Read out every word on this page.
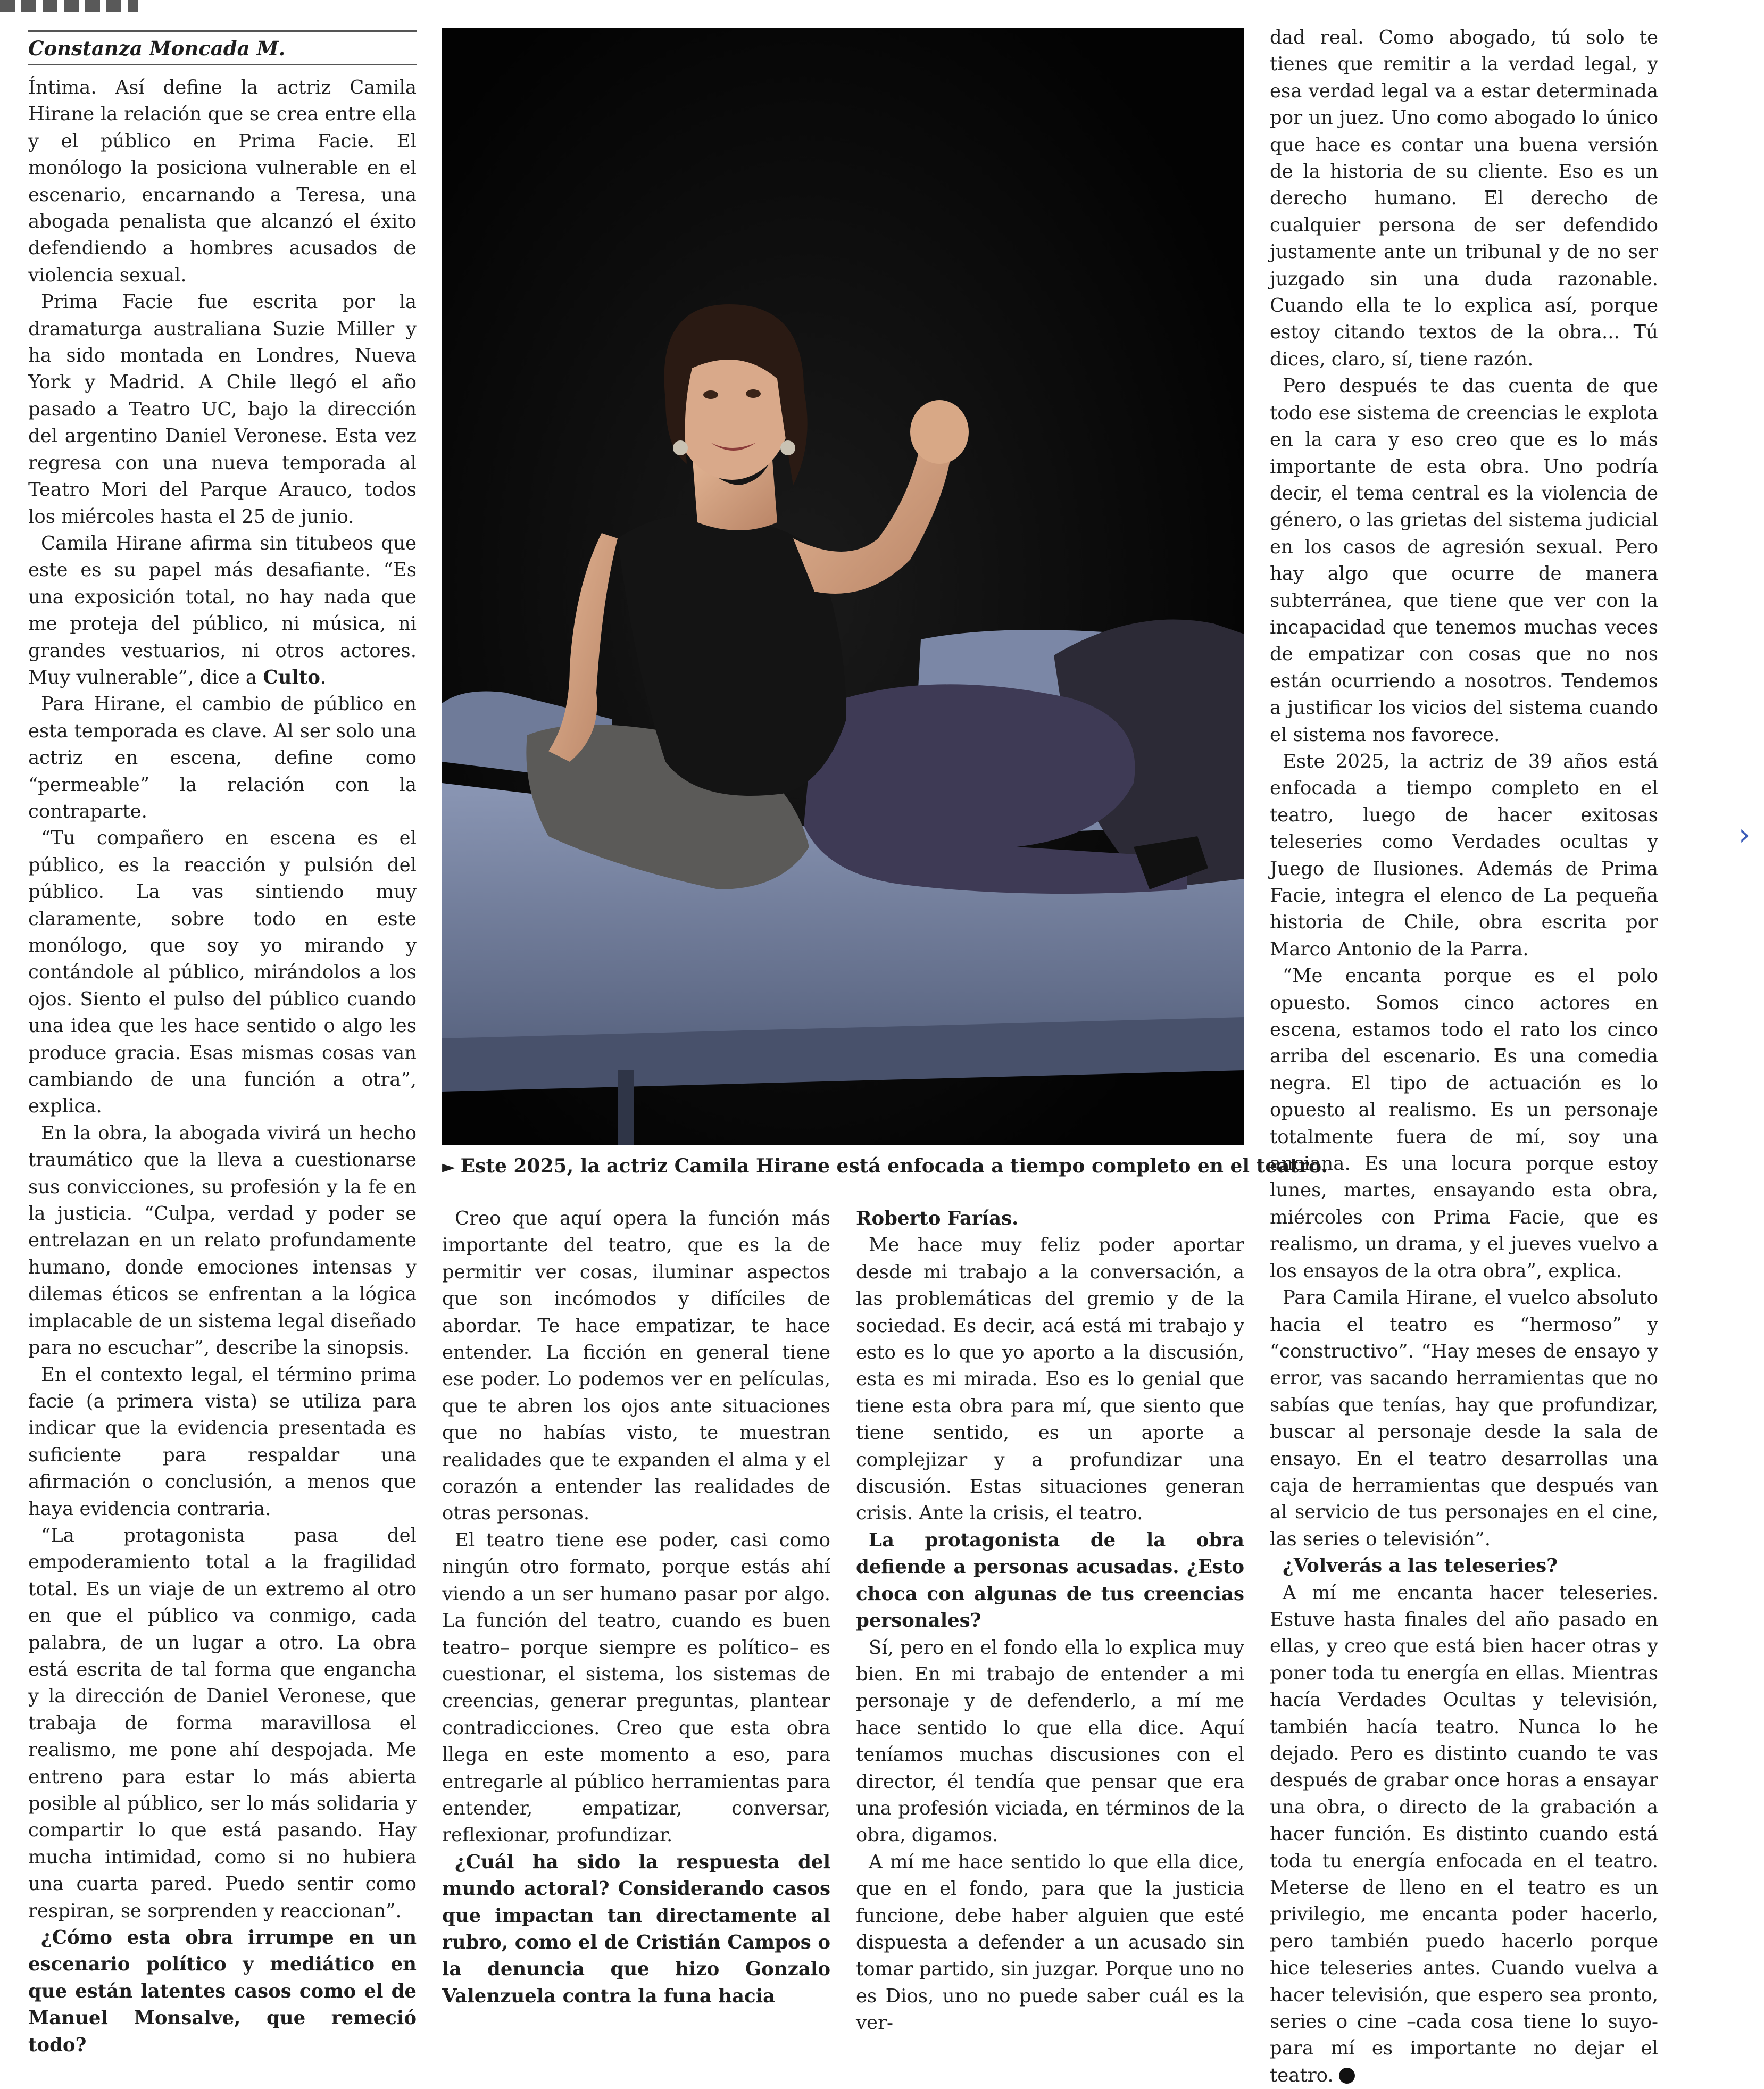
Constanza Moncada M.

Íntima. Así define la actriz Camila Hirane la relación que se crea entre ella y el público en Prima Facie. El monólogo la posiciona vulnerable en el escenario, encarnando a Teresa, una abogada penalista que alcanzó el éxito defendiendo a hombres acusados de violencia sexual.

Prima Facie fue escrita por la dramaturga australiana Suzie Miller y ha sido montada en Londres, Nueva York y Madrid. A Chile llegó el año pasado a Teatro UC, bajo la dirección del argentino Daniel Veronese. Esta vez regresa con una nueva temporada al Teatro Mori del Parque Arauco, todos los miércoles hasta el 25 de junio.

Camila Hirane afirma sin titubeos que este es su papel más desafiante. “Es una exposición total, no hay nada que me proteja del público, ni música, ni grandes vestuarios, ni otros actores. Muy vulnerable”, dice a Culto.

Para Hirane, el cambio de público en esta temporada es clave. Al ser solo una actriz en escena, define como “permeable” la relación con la contraparte.

“Tu compañero en escena es el público, es la reacción y pulsión del público. La vas sintiendo muy claramente, sobre todo en este monólogo, que soy yo mirando y contándole al público, mirándolos a los ojos. Siento el pulso del público cuando una idea que les hace sentido o algo les produce gracia. Esas mismas cosas van cambiando de una función a otra”, explica.

En la obra, la abogada vivirá un hecho traumático que la lleva a cuestionarse sus convicciones, su profesión y la fe en la justicia. “Culpa, verdad y poder se entrelazan en un relato profundamente humano, donde emociones intensas y dilemas éticos se enfrentan a la lógica implacable de un sistema legal diseñado para no escuchar”, describe la sinopsis.

En el contexto legal, el término prima facie (a primera vista) se utiliza para indicar que la evidencia presentada es suficiente para respaldar una afirmación o conclusión, a menos que haya evidencia contraria.

“La protagonista pasa del empoderamiento total a la fragilidad total. Es un viaje de un extremo al otro en que el público va conmigo, cada palabra, de un lugar a otro. La obra está escrita de tal forma que engancha y la dirección de Daniel Veronese, que trabaja de forma maravillosa el realismo, me pone ahí despojada. Me entreno para estar lo más abierta posible al público, ser lo más solidaria y compartir lo que está pasando. Hay mucha intimidad, como si no hubiera una cuarta pared. Puedo sentir como respiran, se sorprenden y reaccionan”.

¿Cómo esta obra irrumpe en un escenario político y mediático en que están latentes casos como el de Manuel Monsalve, que remeció todo?

► Este 2025, la actriz Camila Hirane está enfocada a tiempo completo en el teatro.

Creo que aquí opera la función más importante del teatro, que es la de permitir ver cosas, iluminar aspectos que son incómodos y difíciles de abordar. Te hace empatizar, te hace entender. La ficción en general tiene ese poder. Lo podemos ver en películas, que te abren los ojos ante situaciones que no habías visto, te muestran realidades que te expanden el alma y el corazón a entender las realidades de otras personas.

El teatro tiene ese poder, casi como ningún otro formato, porque estás ahí viendo a un ser humano pasar por algo. La función del teatro, cuando es buen teatro– porque siempre es político– es cuestionar, el sistema, los sistemas de creencias, generar preguntas, plantear contradicciones. Creo que esta obra llega en este momento a eso, para entregarle al público herramientas para entender, empatizar, conversar, reflexionar, profundizar.

¿Cuál ha sido la respuesta del mundo actoral? Considerando casos que impactan tan directamente al rubro, como el de Cristián Campos o la denuncia que hizo Gonzalo Valenzuela contra la funa hacia

Roberto Farías.

Me hace muy feliz poder aportar desde mi trabajo a la conversación, a las problemáticas del gremio y de la sociedad. Es decir, acá está mi trabajo y esto es lo que yo aporto a la discusión, esta es mi mirada. Eso es lo genial que tiene esta obra para mí, que siento que tiene sentido, es un aporte a complejizar y a profundizar una discusión. Estas situaciones generan crisis. Ante la crisis, el teatro.

La protagonista de la obra defiende a personas acusadas. ¿Esto choca con algunas de tus creencias personales?

Sí, pero en el fondo ella lo explica muy bien. En mi trabajo de entender a mi personaje y de defenderlo, a mí me hace sentido lo que ella dice. Aquí teníamos muchas discusiones con el director, él tendía que pensar que era una profesión viciada, en términos de la obra, digamos.

A mí me hace sentido lo que ella dice, que en el fondo, para que la justicia funcione, debe haber alguien que esté dispuesta a defender a un acusado sin tomar partido, sin juzgar. Porque uno no es Dios, uno no puede saber cuál es la ver-

dad real. Como abogado, tú solo te tienes que remitir a la verdad legal, y esa verdad legal va a estar determinada por un juez. Uno como abogado lo único que hace es contar una buena versión de la historia de su cliente. Eso es un derecho humano. El derecho de cualquier persona de ser defendido justamente ante un tribunal y de no ser juzgado sin una duda razonable. Cuando ella te lo explica así, porque estoy citando textos de la obra... Tú dices, claro, sí, tiene razón.

Pero después te das cuenta de que todo ese sistema de creencias le explota en la cara y eso creo que es lo más importante de esta obra. Uno podría decir, el tema central es la violencia de género, o las grietas del sistema judicial en los casos de agresión sexual. Pero hay algo que ocurre de manera subterránea, que tiene que ver con la incapacidad que tenemos muchas veces de empatizar con cosas que no nos están ocurriendo a nosotros. Tendemos a justificar los vicios del sistema cuando el sistema nos favorece.

Este 2025, la actriz de 39 años está enfocada a tiempo completo en el teatro, luego de hacer exitosas teleseries como Verdades ocultas y Juego de Ilusiones. Además de Prima Facie, integra el elenco de La pequeña historia de Chile, obra escrita por Marco Antonio de la Parra.

“Me encanta porque es el polo opuesto. Somos cinco actores en escena, estamos todo el rato los cinco arriba del escenario. Es una comedia negra. El tipo de actuación es lo opuesto al realismo. Es un personaje totalmente fuera de mí, soy una anciana. Es una locura porque estoy lunes, martes, ensayando esta obra, miércoles con Prima Facie, que es realismo, un drama, y el jueves vuelvo a los ensayos de la otra obra”, explica.

Para Camila Hirane, el vuelco absoluto hacia el teatro es “hermoso” y “constructivo”. “Hay meses de ensayo y error, vas sacando herramientas que no sabías que tenías, hay que profundizar, buscar al personaje desde la sala de ensayo. En el teatro desarrollas una caja de herramientas que después van al servicio de tus personajes en el cine, las series o televisión”.

¿Volverás a las teleseries?

A mí me encanta hacer teleseries. Estuve hasta finales del año pasado en ellas, y creo que está bien hacer otras y poner toda tu energía en ellas. Mientras hacía Verdades Ocultas y televisión, también hacía teatro. Nunca lo he dejado. Pero es distinto cuando te vas después de grabar once horas a ensayar una obra, o directo de la grabación a hacer función. Es distinto cuando está toda tu energía enfocada en el teatro. Meterse de lleno en el teatro es un privilegio, me encanta poder hacerlo, pero también puedo hacerlo porque hice teleseries antes. Cuando vuelva a hacer televisión, que espero sea pronto, series o cine –cada cosa tiene lo suyo-para mí es importante no dejar el teatro.

›
